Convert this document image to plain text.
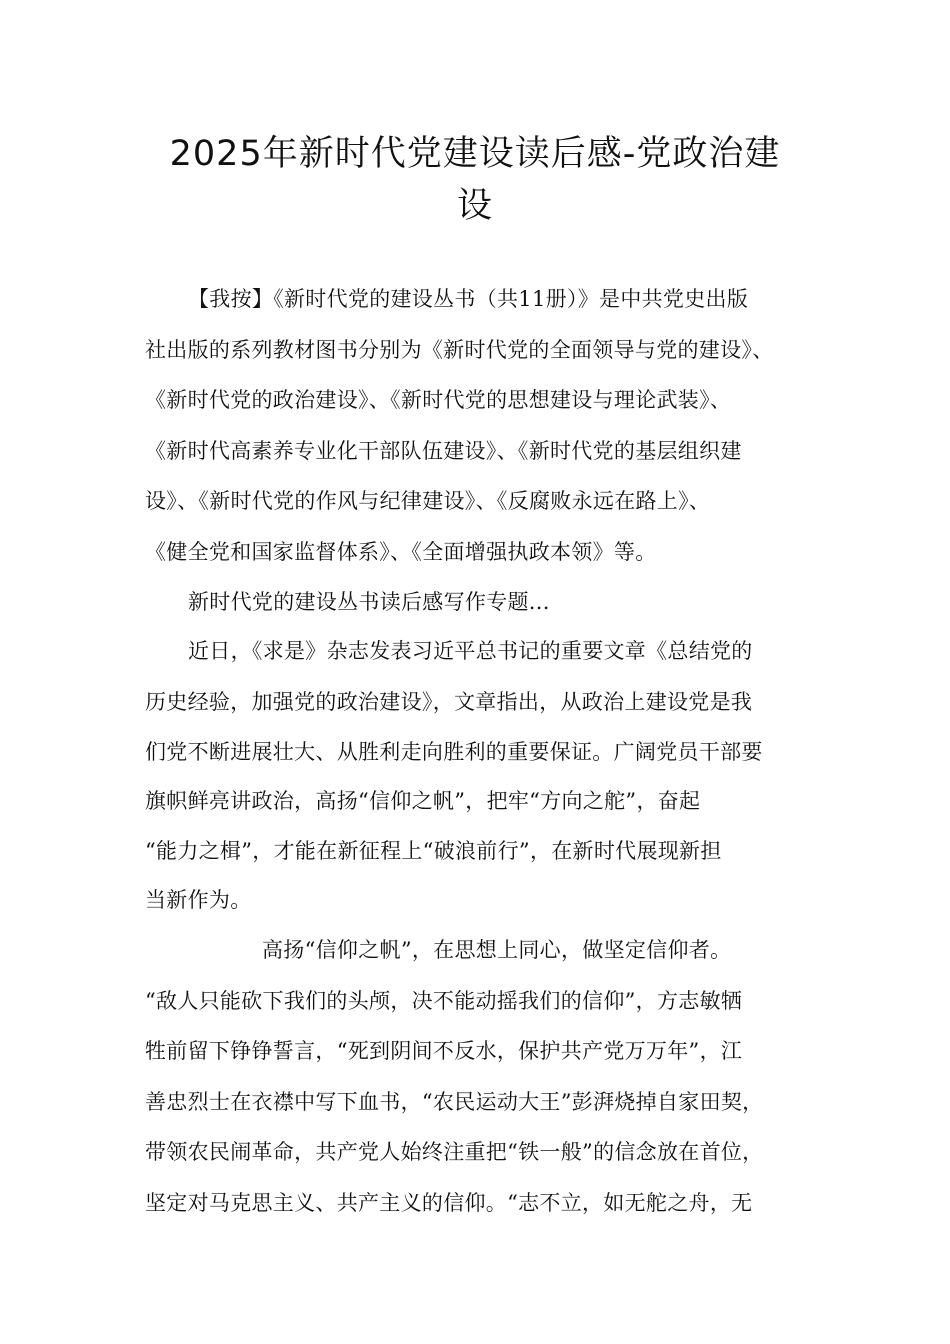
2025年新时代党建设读后感-党政治建
设
【我按】《新时代党的建设丛书（共11册）》是中共党史出版
社出版的系列教材图书分别为《新时代党的全面领导与党的建设》、
《新时代党的政治建设》、《新时代党的思想建设与理论武装》、
《新时代高素养专业化干部队伍建设》、《新时代党的基层组织建
设》、《新时代党的作风与纪律建设》、《反腐败永远在路上》、
《健全党和国家监督体系》、《全面增强执政本领》等。
新时代党的建设丛书读后感写作专题...
近日，《求是》杂志发表习近平总书记的重要文章《总结党的
历史经验，加强党的政治建设》，文章指出，从政治上建设党是我
们党不断进展壮大、从胜利走向胜利的重要保证。广阔党员干部要
旗帜鲜亮讲政治，高扬“信仰之帆”，把牢“方向之舵”，奋起
“能力之楫”，才能在新征程上“破浪前行”，在新时代展现新担
当新作为。
高扬“信仰之帆”，在思想上同心，做坚定信仰者。
“敌人只能砍下我们的头颅，决不能动摇我们的信仰”，方志敏牺
牲前留下铮铮誓言，“死到阴间不反水，保护共产党万万年”，江
善忠烈士在衣襟中写下血书，“农民运动大王”彭湃烧掉自家田契，
带领农民闹革命，共产党人始终注重把“铁一般”的信念放在首位，
坚定对马克思主义、共产主义的信仰。“志不立，如无舵之舟，无
